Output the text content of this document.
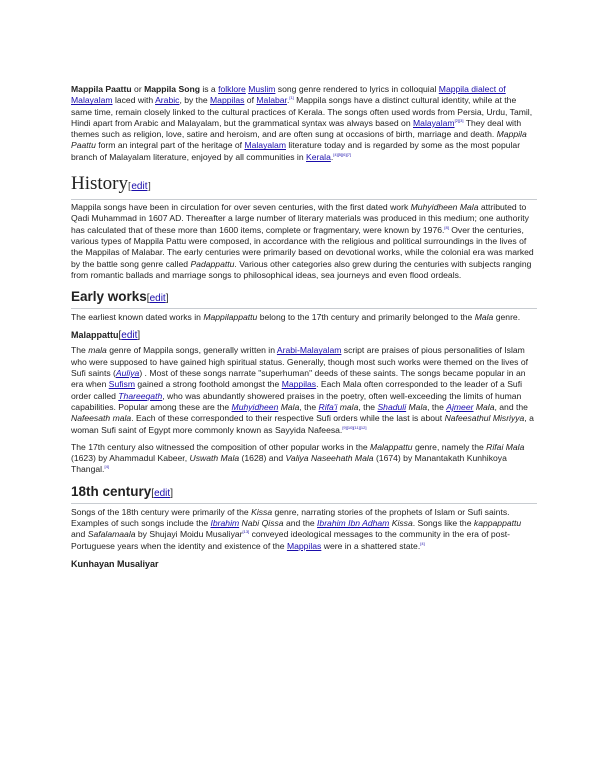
Mappila Paattu or Mappila Song is a folklore Muslim song genre rendered to lyrics in colloquial Mappila dialect of Malayalam laced with Arabic, by the Mappilas of Malabar.[1] Mappila songs have a distinct cultural identity, while at the same time, remain closely linked to the cultural practices of Kerala. The songs often used words from Persia, Urdu, Tamil, Hindi apart from Arabic and Malayalam, but the grammatical syntax was always based on Malayalam[2][3] They deal with themes such as religion, love, satire and heroism, and are often sung at occasions of birth, marriage and death. Mappila Paattu form an integral part of the heritage of Malayalam literature today and is regarded by some as the most popular branch of Malayalam literature, enjoyed by all communities in Kerala.[4][5][6][7]

History[edit]

Mappila songs have been in circulation for over seven centuries, with the first dated work Muhyidheen Mala attributed to Qadi Muhammad in 1607 AD. Thereafter a large number of literary materials was produced in this medium; one authority has calculated that of these more than 1600 items, complete or fragmentary, were known by 1976.[8] Over the centuries, various types of Mappila Pattu were composed, in accordance with the religious and political surroundings in the lives of the Mappilas of Malabar. The early centuries were primarily based on devotional works, while the colonial era was marked by the battle song genre called Padappattu. Various other categories also grew during the centuries with subjects ranging from romantic ballads and marriage songs to philosophical ideas, sea journeys and even flood ordeals.

Early works[edit]

The earliest known dated works in Mappilappattu belong to the 17th century and primarily belonged to the Mala genre.

Malappattu[edit]

The mala genre of Mappila songs, generally written in Arabi-Malayalam script are praises of pious personalities of Islam who were supposed to have gained high spiritual status. Generally, though most such works were themed on the lives of Sufi saints (Auliya) . Most of these songs narrate "superhuman" deeds of these saints. The songs became popular in an era when Sufism gained a strong foothold amongst the Mappilas. Each Mala often corresponded to the leader of a Sufi order called Thareeqath, who was abundantly showered praises in the poetry, often well-exceeding the limits of human capabilities. Popular among these are the Muhyidheen Mala, the Rifa'i mala, the Shaduli Mala, the Ajmeer Mala, and the Nafeesath mala. Each of these corresponded to their respective Sufi orders while the last is about Nafeesathul Misriyya, a woman Sufi saint of Egypt more commonly known as Sayyida Nafeesa.[9][10][11][12]

The 17th century also witnessed the composition of other popular works in the Malappattu genre, namely the Rifai Mala (1623) by Ahammadul Kabeer, Uswath Mala (1628) and Valiya Naseehath Mala (1674) by Manantakath Kunhikoya Thangal.[4]

18th century[edit]

Songs of the 18th century were primarily of the Kissa genre, narrating stories of the prophets of Islam or Sufi saints. Examples of such songs include the Ibrahim Nabi Qissa and the Ibrahim Ibn Adham Kissa. Songs like the kappappattu and Safalamaala by Shujayi Moidu Musaliyar[13] conveyed ideological messages to the community in the era of post-Portuguese years when the identity and existence of the Mappilas were in a shattered state.[4]

Kunhayan Musaliyar
